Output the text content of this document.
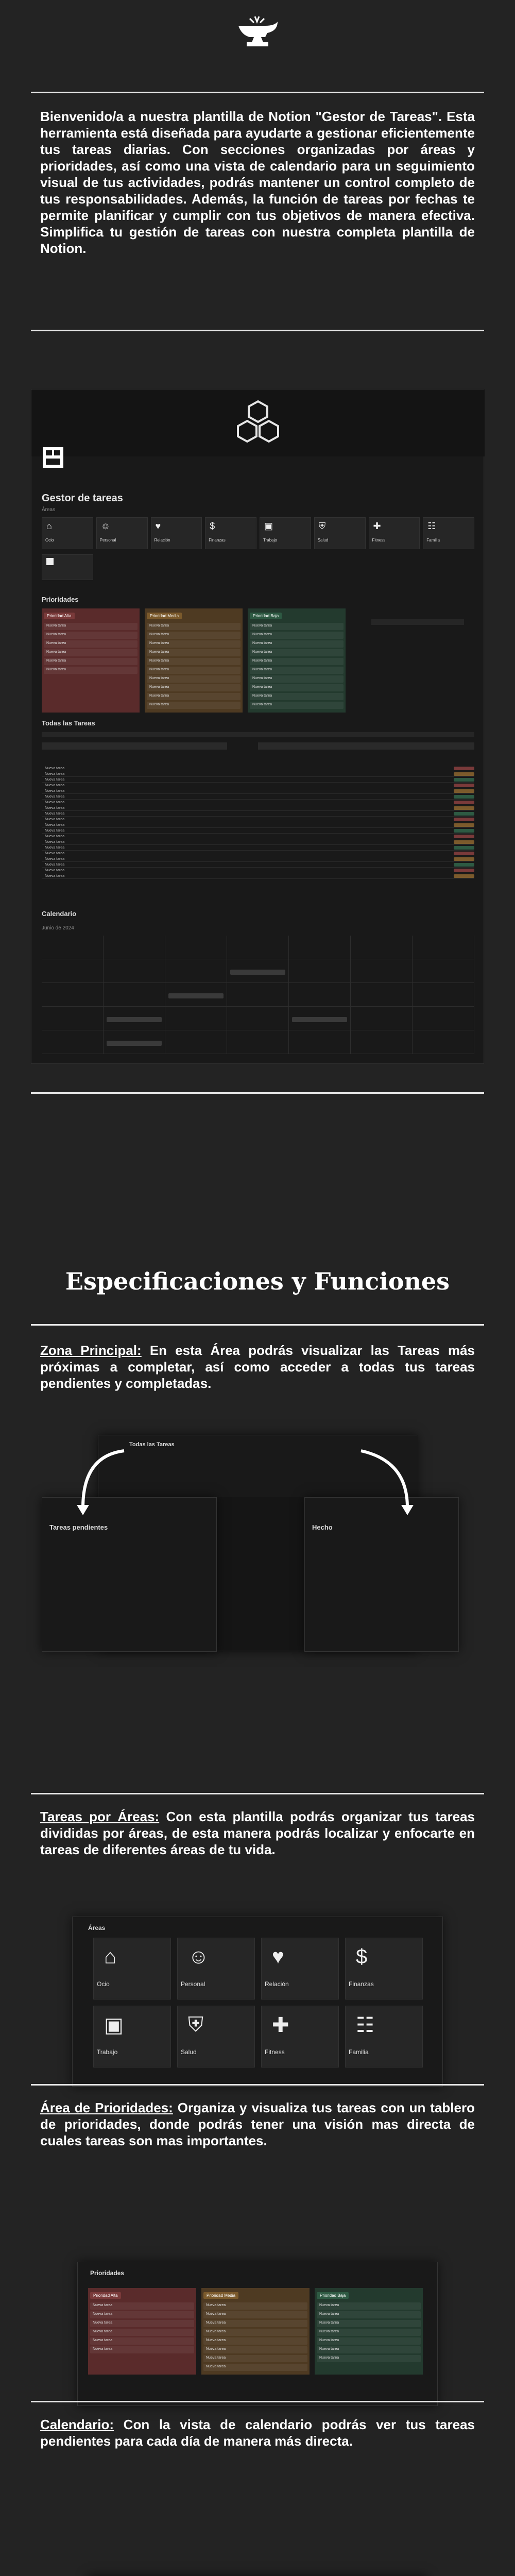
Bienvenido/a a nuestra plantilla de Notion "Gestor de Tareas". Esta herramienta está diseñada para ayudarte a gestionar eficientemente tus tareas diarias. Con secciones organizadas por áreas y prioridades, así como una vista de calendario para un seguimiento visual de tus actividades, podrás mantener un control completo de tus responsabilidades. Además, la función de tareas por fechas te permite planificar y cumplir con tus objetivos de manera efectiva. Simplifica tu gestión de tareas con nuestra completa plantilla de Notion.
Gestor de tareas
Áreas
⌂
Ocio
☺
Personal
♥
Relación
$
Finanzas
▣
Trabajo
⛨
Salud
✚
Fitness
☷
Familia
Prioridades
Prioridad Alta
Nueva tarea
Nueva tarea
Nueva tarea
Nueva tarea
Nueva tarea
Nueva tarea
Prioridad Media
Nueva tarea
Nueva tarea
Nueva tarea
Nueva tarea
Nueva tarea
Nueva tarea
Nueva tarea
Nueva tarea
Nueva tarea
Nueva tarea
Prioridad Baja
Nueva tarea
Nueva tarea
Nueva tarea
Nueva tarea
Nueva tarea
Nueva tarea
Nueva tarea
Nueva tarea
Nueva tarea
Nueva tarea
Todas las Tareas
Nueva tarea
Nueva tarea
Nueva tarea
Nueva tarea
Nueva tarea
Nueva tarea
Nueva tarea
Nueva tarea
Nueva tarea
Nueva tarea
Nueva tarea
Nueva tarea
Nueva tarea
Nueva tarea
Nueva tarea
Nueva tarea
Nueva tarea
Nueva tarea
Nueva tarea
Nueva tarea
Calendario
Junio de 2024
Especificaciones y Funciones
Zona Principal: En esta Área podrás visualizar las Tareas más próximas a completar, así como acceder a todas tus tareas pendientes y completadas.
Todas las Tareas
Tareas pendientes	Hecho
Tareas por Áreas: Con esta plantilla podrás organizar tus tareas divididas por áreas, de esta manera podrás localizar y enfocarte en tareas de diferentes áreas de tu vida.
Áreas
⌂
Ocio
☺
Personal
♥
Relación
$
Finanzas
▣
Trabajo
⛨
Salud
✚
Fitness
☷
Familia
Área de Prioridades: Organiza y visualiza tus tareas con un tablero de prioridades, donde podrás tener una visión mas directa de cuales tareas son mas importantes.
Prioridades
Prioridad Alta
Nueva tarea
Nueva tarea
Nueva tarea
Nueva tarea
Nueva tarea
Nueva tarea
Prioridad Media
Nueva tarea
Nueva tarea
Nueva tarea
Nueva tarea
Nueva tarea
Nueva tarea
Nueva tarea
Nueva tarea
Prioridad Baja
Nueva tarea
Nueva tarea
Nueva tarea
Nueva tarea
Nueva tarea
Nueva tarea
Nueva tarea
Calendario: Con la vista de calendario podrás ver tus tareas pendientes para cada día de manera más directa.
